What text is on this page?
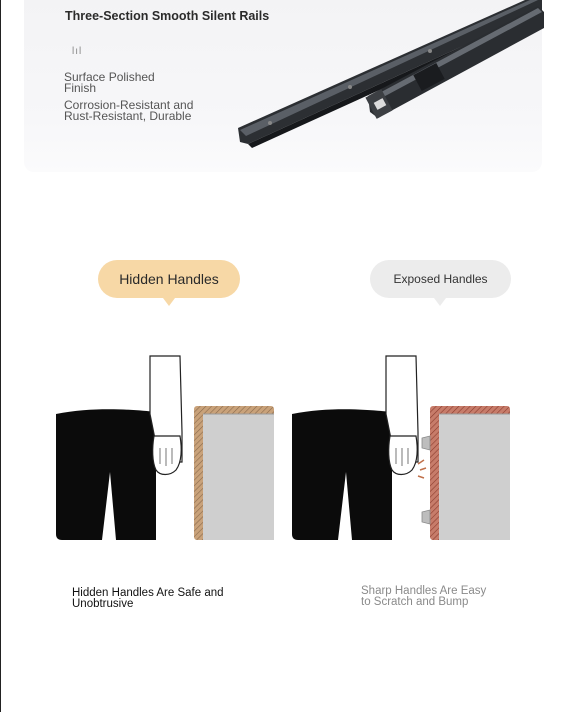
Three-Section Smooth Silent Rails
lıl
Surface Polished
Finish
Corrosion-Resistant and
Rust-Resistant, Durable
Hidden Handles	Exposed Handles
Hidden Handles Are Safe and
Unobtrusive
Sharp Handles Are Easy
to Scratch and Bump
